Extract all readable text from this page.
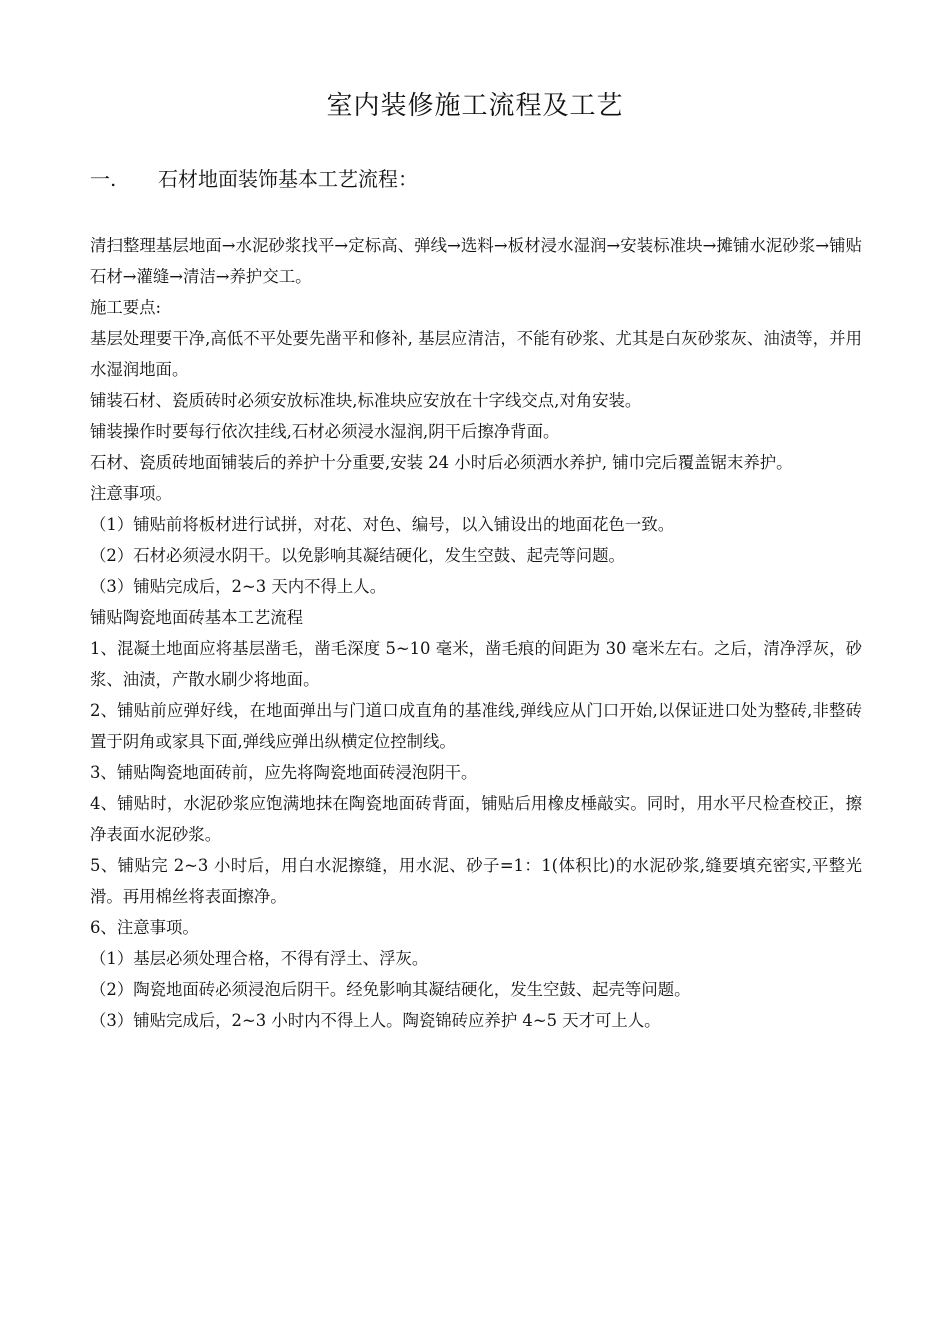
室内装修施工流程及工艺
一. 石材地面装饰基本工艺流程：

清扫整理基层地面→水泥砂浆找平→定标高、弹线→选料→板材浸水湿润→安装标准块→摊铺水泥砂浆→铺贴石材→灌缝→清洁→养护交工。

施工要点:

基层处理要干净,高低不平处要先凿平和修补, 基层应清洁，不能有砂浆、尤其是白灰砂浆灰、油渍等，并用水湿润地面。

铺装石材、瓷质砖时必须安放标准块,标准块应安放在十字线交点,对角安装。

铺装操作时要每行依次挂线,石材必须浸水湿润,阴干后擦净背面。

石材、瓷质砖地面铺装后的养护十分重要,安装 24 小时后必须洒水养护, 铺巾完后覆盖锯末养护。

注意事项。

（1）铺贴前将板材进行试拼，对花、对色、编号，以入铺设出的地面花色一致。

（2）石材必须浸水阴干。以免影响其凝结硬化，发生空鼓、起壳等问题。

（3）铺贴完成后，2~3 天内不得上人。

铺贴陶瓷地面砖基本工艺流程

1、混凝土地面应将基层凿毛，凿毛深度 5~10 毫米，凿毛痕的间距为 30 毫米左右。之后，清净浮灰，砂浆、油渍，产散水刷少将地面。

2、铺贴前应弹好线，在地面弹出与门道口成直角的基准线,弹线应从门口开始,以保证进口处为整砖,非整砖置于阴角或家具下面,弹线应弹出纵横定位控制线。

3、铺贴陶瓷地面砖前，应先将陶瓷地面砖浸泡阴干。

4、铺贴时，水泥砂浆应饱满地抹在陶瓷地面砖背面，铺贴后用橡皮棰敲实。同时，用水平尺检查校正，擦净表面水泥砂浆。

5、铺贴完 2~3 小时后，用白水泥擦缝，用水泥、砂子=1：1(体积比)的水泥砂浆,缝要填充密实,平整光滑。再用棉丝将表面擦净。

6、注意事项。

（1）基层必须处理合格，不得有浮土、浮灰。

（2）陶瓷地面砖必须浸泡后阴干。经免影响其凝结硬化，发生空鼓、起壳等问题。

（3）铺贴完成后，2~3 小时内不得上人。陶瓷锦砖应养护 4~5 天才可上人。
